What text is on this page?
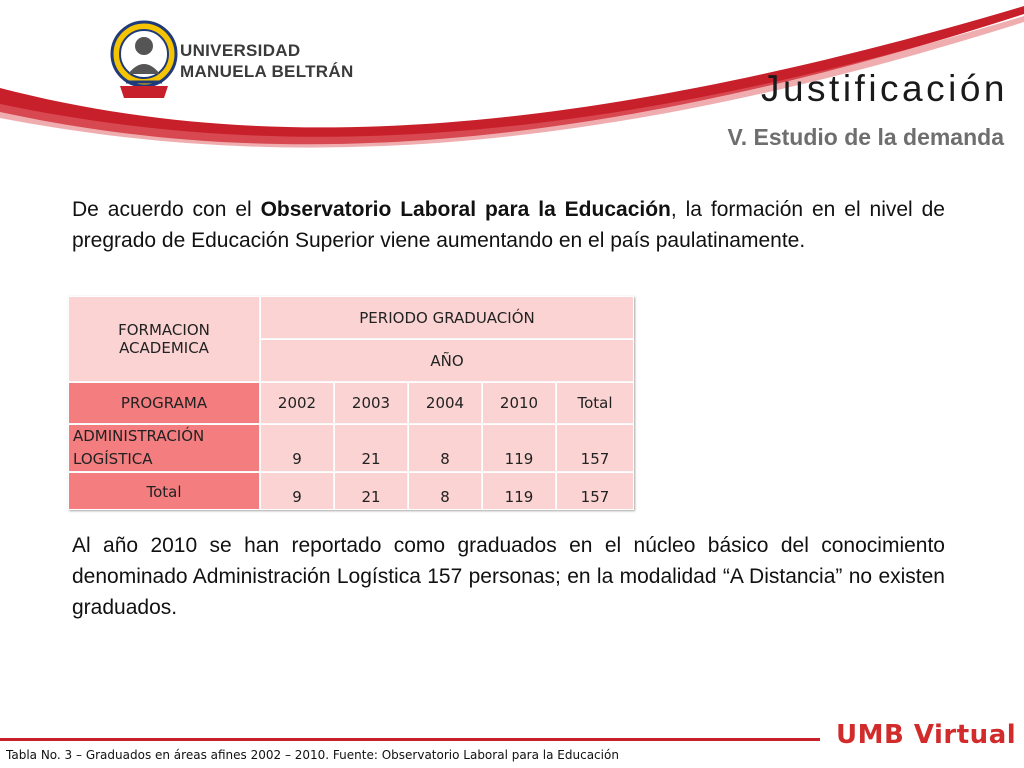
UNIVERSIDAD
MANUELA BELTRÁN	Justificación
V. Estudio de la demanda
De acuerdo con el Observatorio Laboral para la Educación, la formación en el nivel de pregrado de Educación Superior viene aumentando en el país paulatinamente.
FORMACION
ACADEMICA	PERIODO GRADUACIÓN				
	AÑO				
PROGRAMA	2002	2003	2004	2010	Total

ADMINISTRACIÓN
LOGÍSTICA	9	21	8	119	157
Total	9	21	8	119	157
Al año 2010 se han reportado como graduados en el núcleo básico del conocimiento denominado Administración Logística 157 personas; en la modalidad “A Distancia” no existen graduados.
UMB Virtual
Tabla No. 3 – Graduados en áreas afines 2002 – 2010. Fuente: Observatorio Laboral para la Educación
